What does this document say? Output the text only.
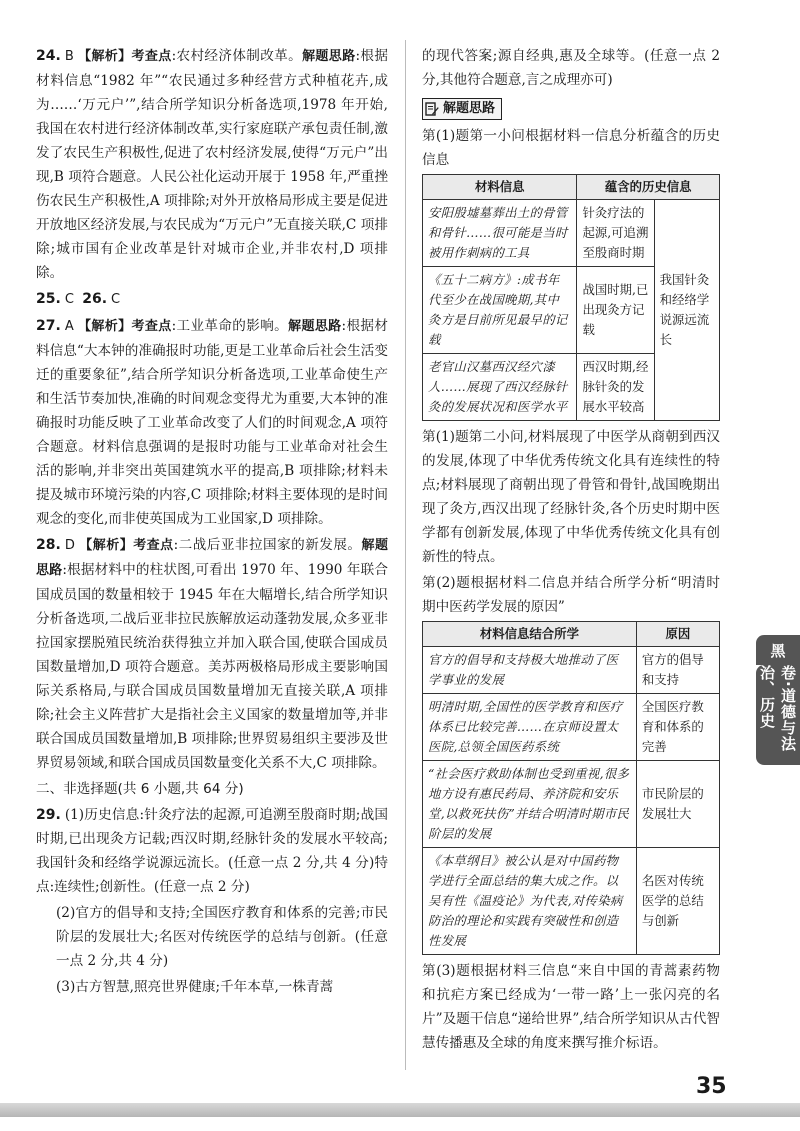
24. B 【解析】考查点:农村经济体制改革。解题思路:根据材料信息“1982 年”“农民通过多种经营方式种植花卉,成为……‘万元户’”,结合所学知识分析备选项,1978 年开始,我国在农村进行经济体制改革,实行家庭联产承包责任制,激发了农民生产积极性,促进了农村经济发展,使得“万元户”出现,B 项符合题意。人民公社化运动开展于 1958 年,严重挫伤农民生产积极性,A 项排除;对外开放格局形成主要是促进开放地区经济发展,与农民成为“万元户”无直接关联,C 项排除;城市国有企业改革是针对城市企业,并非农村,D 项排除。
25. C 26. C
27. A 【解析】考查点:工业革命的影响。解题思路:根据材料信息“大本钟的准确报时功能,更是工业革命后社会生活变迁的重要象征”,结合所学知识分析备选项,工业革命使生产和生活节奏加快,准确的时间观念变得尤为重要,大本钟的准确报时功能反映了工业革命改变了人们的时间观念,A 项符合题意。材料信息强调的是报时功能与工业革命对社会生活的影响,并非突出英国建筑水平的提高,B 项排除;材料未提及城市环境污染的内容,C 项排除;材料主要体现的是时间观念的变化,而非使英国成为工业国家,D 项排除。
28. D 【解析】考查点:二战后亚非拉国家的新发展。解题思路:根据材料中的柱状图,可看出 1970 年、1990 年联合国成员国的数量相较于 1945 年在大幅增长,结合所学知识分析备选项,二战后亚非拉民族解放运动蓬勃发展,众多亚非拉国家摆脱殖民统治获得独立并加入联合国,使联合国成员国数量增加,D 项符合题意。美苏两极格局形成主要影响国际关系格局,与联合国成员国数量增加无直接关联,A 项排除;社会主义阵营扩大是指社会主义国家的数量增加等,并非联合国成员国数量增加,B 项排除;世界贸易组织主要涉及世界贸易领域,和联合国成员国数量变化关系不大,C 项排除。
二、非选择题(共 6 小题,共 64 分)
29. (1)历史信息:针灸疗法的起源,可追溯至殷商时期;战国时期,已出现灸方记载;西汉时期,经脉针灸的发展水平较高;我国针灸和经络学说源远流长。(任意一点 2 分,共 4 分)特点:连续性;创新性。(任意一点 2 分)
(2)官方的倡导和支持;全国医疗教育和体系的完善;市民阶层的发展壮大;名医对传统医学的总结与创新。(任意一点 2 分,共 4 分)
(3)古方智慧,照亮世界健康;千年本草,一株青蒿
的现代答案;源自经典,惠及全球等。(任意一点 2 分,其他符合题意,言之成理亦可)
解题思路
第(1)题第一小问根据材料一信息分析蕴含的历史信息
材料信息	蕴含的历史信息	
安阳殷墟墓葬出土的骨管和骨针……很可能是当时被用作刺病的工具	针灸疗法的起源,可追溯至殷商时期	我国针灸和经络学说源远流长
《五十二病方》:成书年代至少在战国晚期,其中灸方是目前所见最早的记载	战国时期,已出现灸方记载	
老官山汉墓西汉经穴漆人……展现了西汉经脉针灸的发展状况和医学水平	西汉时期,经脉针灸的发展水平较高	
第(1)题第二小问,材料展现了中医学从商朝到西汉的发展,体现了中华优秀传统文化具有连续性的特点;材料展现了商朝出现了骨管和骨针,战国晚期出现了灸方,西汉出现了经脉针灸,各个历史时期中医学都有创新发展,体现了中华优秀传统文化具有创新性的特点。
第(2)题根据材料二信息并结合所学分析“明清时期中医药学发展的原因”
材料信息结合所学	原因
官方的倡导和支持极大地推动了医学事业的发展	官方的倡导和支持
明清时期,全国性的医学教育和医疗体系已比较完善……在京师设置太医院,总领全国医药系统	全国医疗教育和体系的完善
“社会医疗救助体制也受到重视,很多地方设有惠民药局、养济院和安乐堂,以救死扶伤”并结合明清时期市民阶层的发展	市民阶层的发展壮大
《本草纲目》被公认是对中国药物学进行全面总结的集大成之作。以吴有性《温疫论》为代表,对传染病防治的理论和实践有突破性和创造性发展	名医对传统医学的总结与创新
第(3)题根据材料三信息“来自中国的青蒿素药物和抗疟方案已经成为‘一带一路’上一张闪亮的名片”及题干信息“递给世界”,结合所学知识从古代智慧传播惠及全球的角度来撰写推介标语。
黑
卷·道德与法治、历史
35
